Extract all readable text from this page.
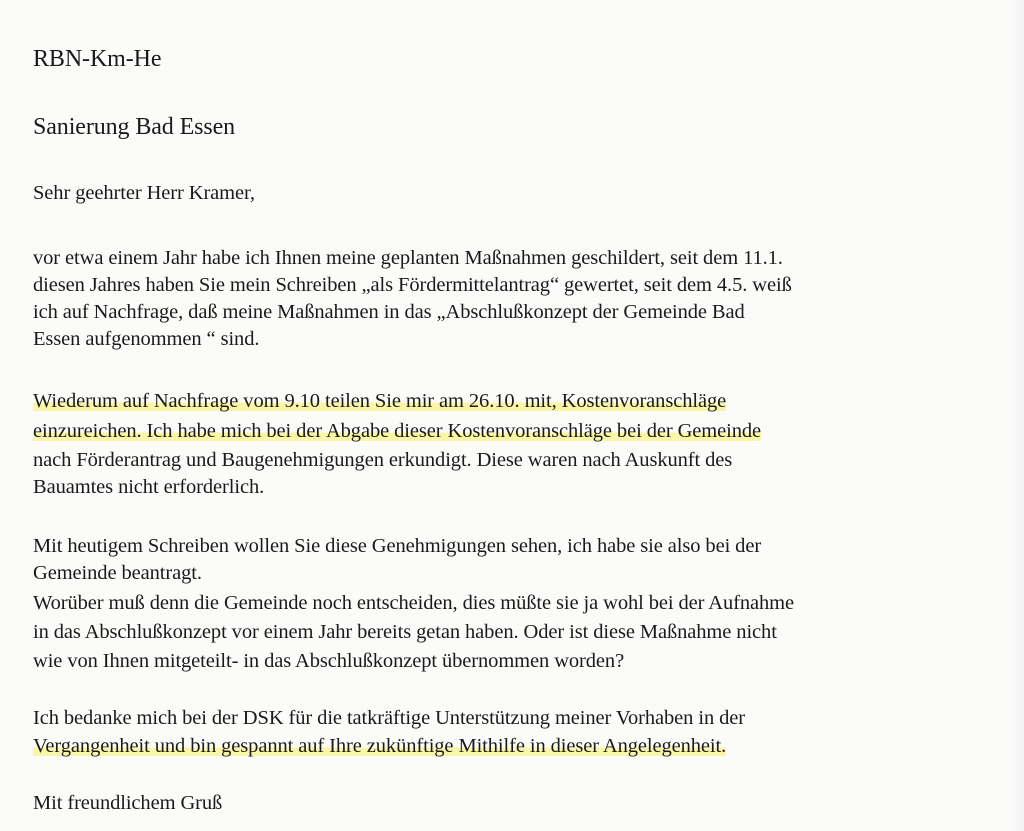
RBN-Km-He
Sanierung Bad Essen
Sehr geehrter Herr Kramer,
vor etwa einem Jahr habe ich Ihnen meine geplanten Maßnahmen geschildert, seit dem 11.1.
diesen Jahres haben Sie mein Schreiben „als Fördermittelantrag“ gewertet, seit dem 4.5. weiß
ich auf Nachfrage, daß meine Maßnahmen in das „Abschlußkonzept der Gemeinde Bad
Essen aufgenommen “ sind.
Wiederum auf Nachfrage vom 9.10 teilen Sie mir am 26.10. mit, Kostenvoranschläge
einzureichen. Ich habe mich bei der Abgabe dieser Kostenvoranschläge bei der Gemeinde
nach Förderantrag und Baugenehmigungen erkundigt. Diese waren nach Auskunft des
Bauamtes nicht erforderlich.
Mit heutigem Schreiben wollen Sie diese Genehmigungen sehen, ich habe sie also bei der
Gemeinde beantragt.
Worüber muß denn die Gemeinde noch entscheiden, dies müßte sie ja wohl bei der Aufnahme
in das Abschlußkonzept vor einem Jahr bereits getan haben. Oder ist diese Maßnahme nicht
wie von Ihnen mitgeteilt- in das Abschlußkonzept übernommen worden?
Ich bedanke mich bei der DSK für die tatkräftige Unterstützung meiner Vorhaben in der
Vergangenheit und bin gespannt auf Ihre zukünftige Mithilfe in dieser Angelegenheit.
Mit freundlichem Gruß
